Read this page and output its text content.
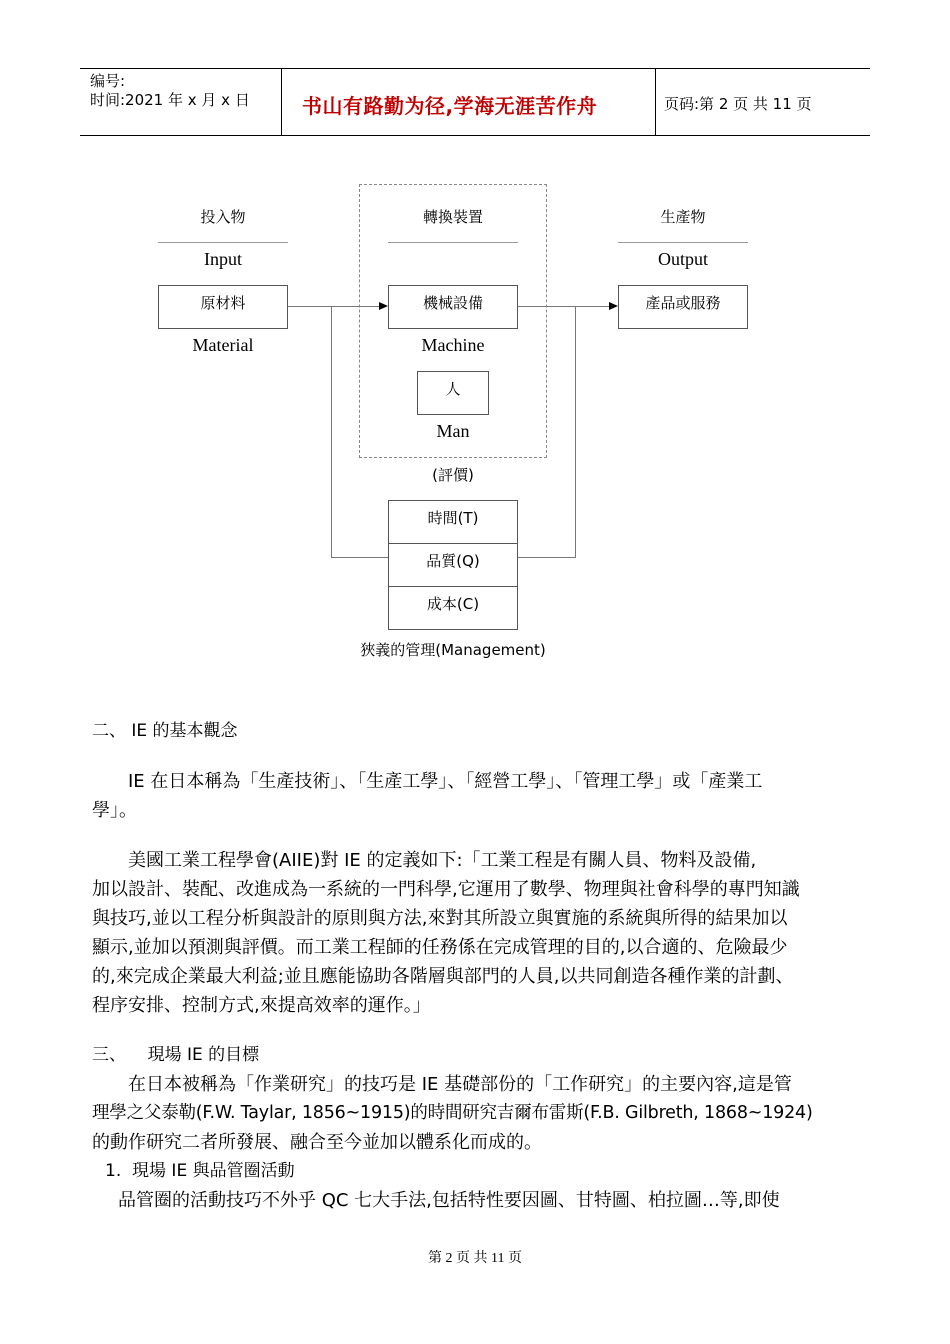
编号:
时间:2021 年 x 月 x 日	书山有路勤为径,学海无涯苦作舟	页码:第 2 页 共 11 页
投入物
Input
轉換裝置	生產物
Output
原材料
Material
機械設備
Machine
產品或服務
人
Man
(評價)
時間(T)
品質(Q)
成本(C)
狹義的管理(Management)
二、 IE 的基本觀念
IE 在日本稱為「生產技術」、「生產工學」、「經營工學」、「管理工學」或「產業工
學」。
美國工業工程學會(AIIE)對 IE 的定義如下:「工業工程是有關人員、物料及設備,
加以設計、裝配、改進成為一系統的一門科學,它運用了數學、物理與社會科學的專門知識
與技巧,並以工程分析與設計的原則與方法,來對其所設立與實施的系統與所得的結果加以
顯示,並加以預測與評價。而工業工程師的任務係在完成管理的目的,以合適的、危險最少
的,來完成企業最大利益;並且應能協助各階層與部門的人員,以共同創造各種作業的計劃、
程序安排、控制方式,來提高效率的運作。」
三、    現場 IE 的目標
在日本被稱為「作業研究」的技巧是 IE 基礎部份的「工作研究」的主要內容,這是管
理學之父泰勒(F.W. Taylar, 1856~1915)的時間研究吉爾布雷斯(F.B. Gilbreth, 1868~1924)
的動作研究二者所發展、融合至今並加以體系化而成的。
1.  現場 IE 與品管圈活動
品管圈的活動技巧不外乎 QC 七大手法,包括特性要因圖、甘特圖、柏拉圖…等,即使
第 2 页 共 11 页
